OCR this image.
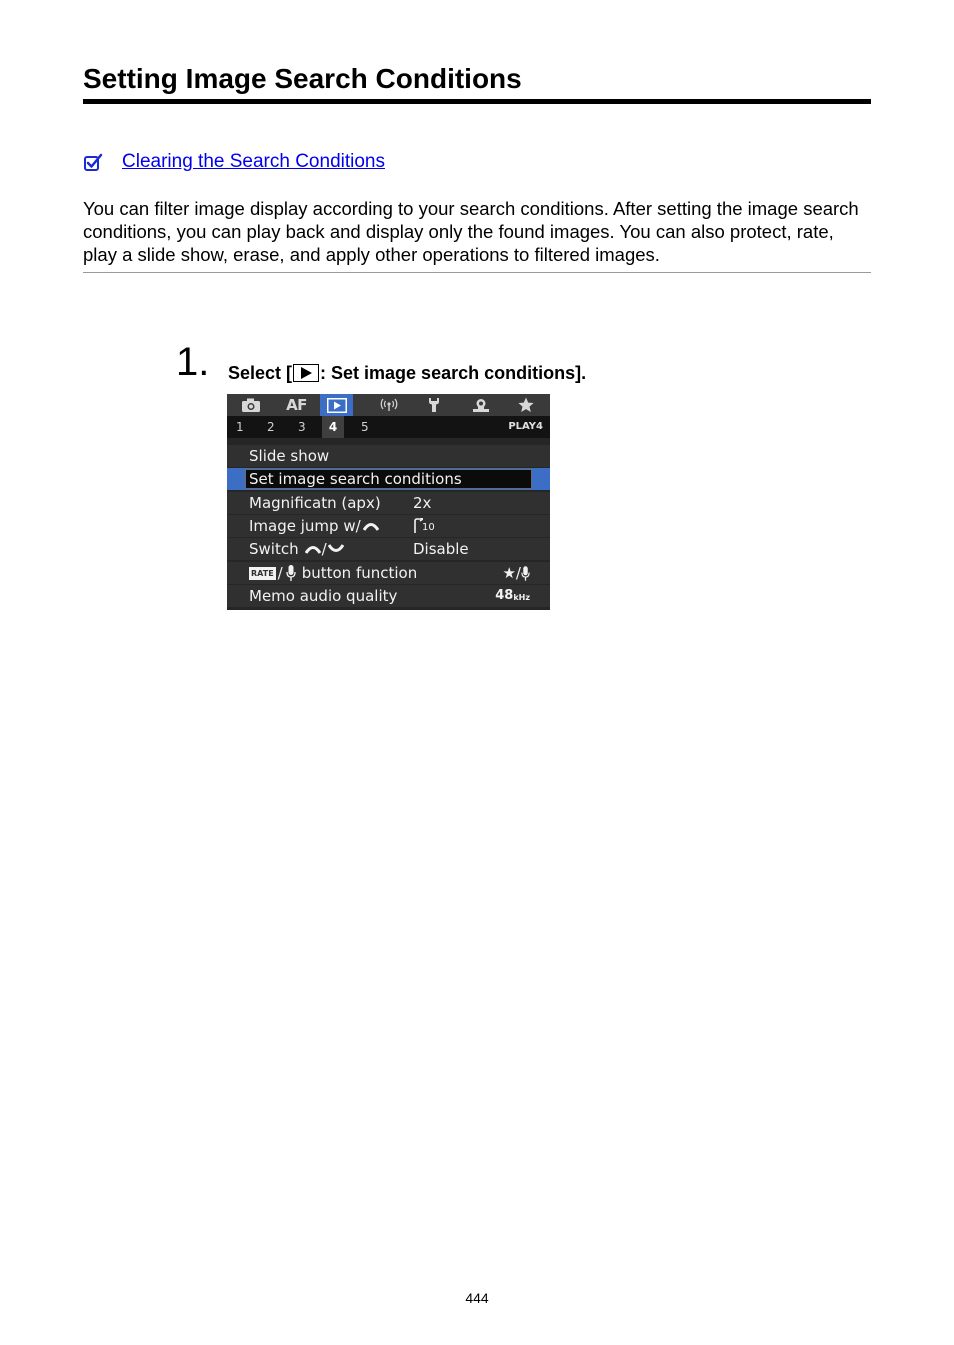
Setting Image Search Conditions
Clearing the Search Conditions

You can filter image display according to your search conditions. After setting the image search conditions, you can play back and display only the found images. You can also protect, rate, play a slide show, erase, and apply other operations to filtered images.

1. Select [ : Set image search conditions].
AF
1 2 3	4	5	PLAY4
Slide show
Set image search conditions
Magnificatn (apx) 2x
Image jump w/	10
Switch /	Disable
RATE / button function	★/
Memo audio quality	48 kHz
444
